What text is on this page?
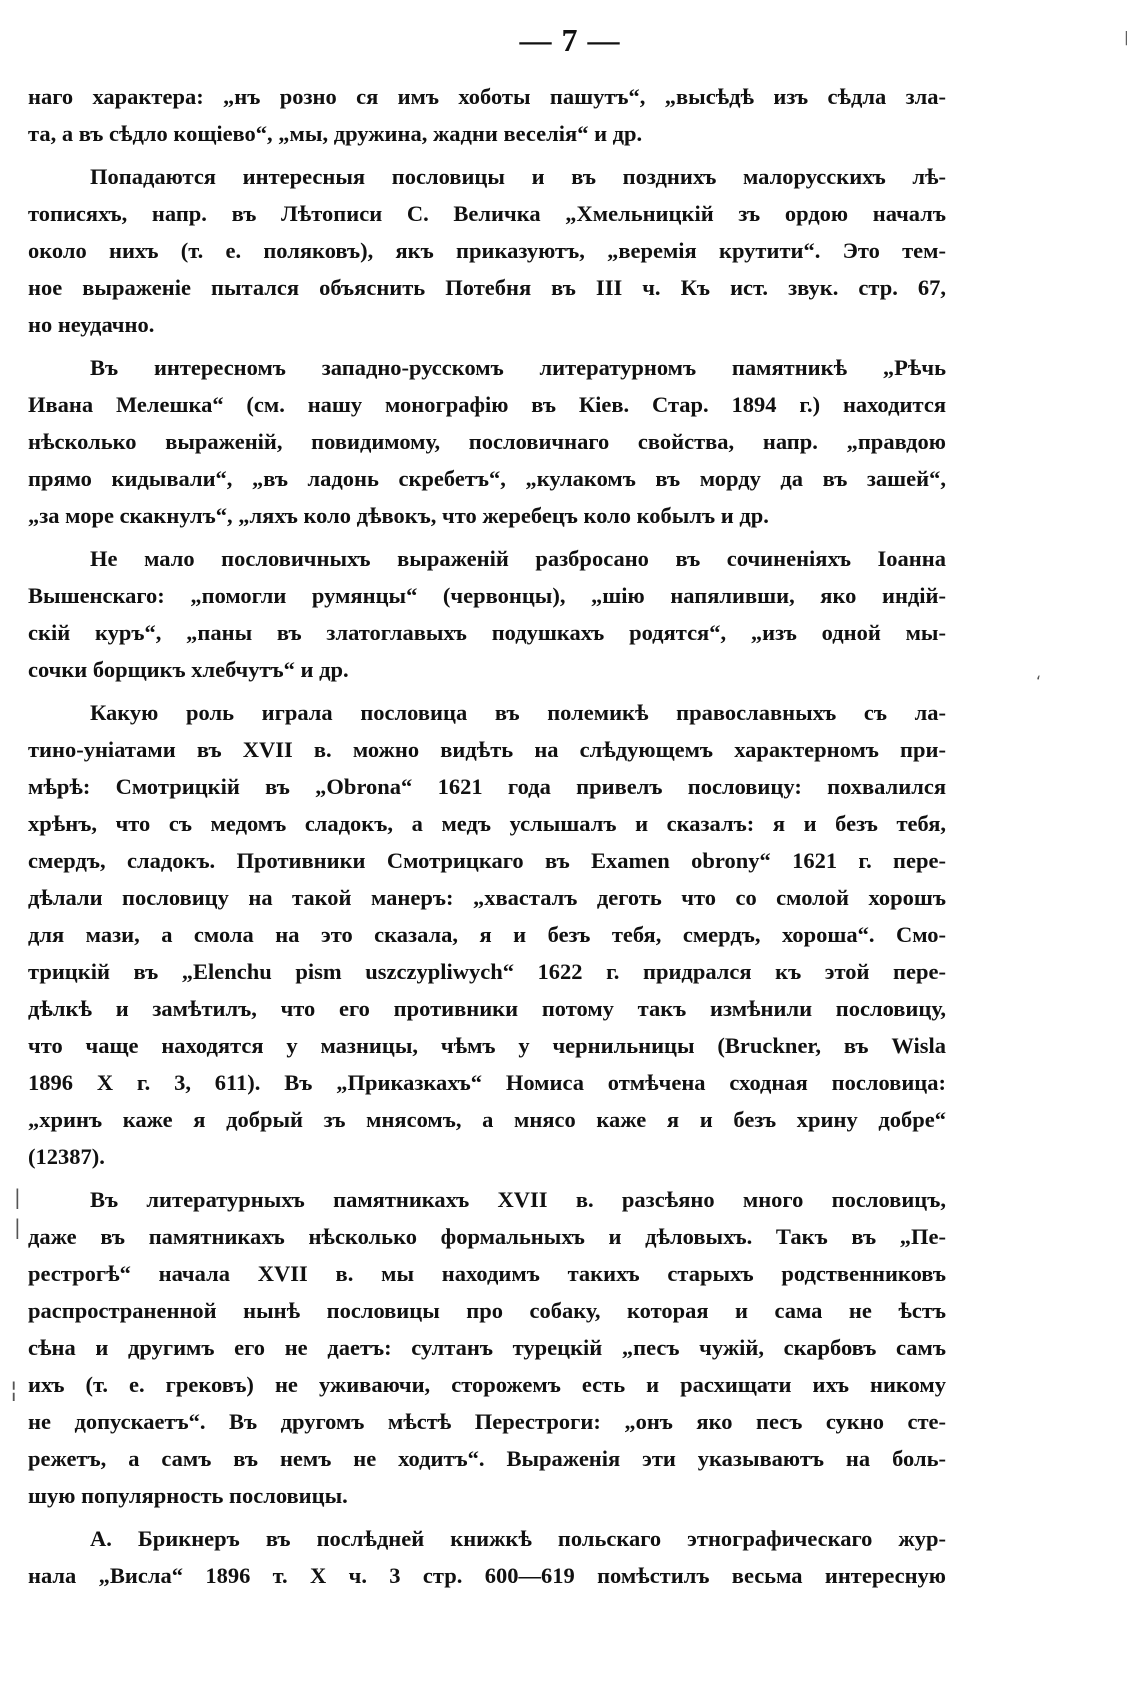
— 7 —	|
‘
|
|
¦

наго характера: „нъ розно ся имъ хоботы пашутъ“, „высѣдѣ изъ сѣдла зла-
та, а въ сѣдло кощіево“, „мы, дружина, жадни веселія“ и др.

Попадаются интересныя пословицы и въ позднихъ малорусскихъ лѣ-
тописяхъ, напр. въ Лѣтописи С. Величка „Хмельницкій зъ ордою началъ
около нихъ (т. е. поляковъ), якъ приказуютъ, „веремія крутити“. Это тем-
ное выраженіе пытался объяснить Потебня въ III ч. Къ ист. звук. стр. 67,
но неудачно.

Въ интересномъ западно-русскомъ литературномъ памятникѣ „Рѣчь
Ивана Мелешка“ (см. нашу монографію въ Кіев. Стар. 1894 г.) находится
нѣсколько выраженій, повидимому, пословичнаго свойства, напр. „правдою
прямо кидывали“, „въ ладонь скребетъ“, „кулакомъ въ морду да въ зашей“,
„за море скакнулъ“, „ляхъ коло дѣвокъ, что жеребецъ коло кобылъ и др.

Не мало пословичныхъ выраженій разбросано въ сочиненіяхъ Іоанна
Вышенскаго: „помогли румянцы“ (червонцы), „шію напяливши, яко индій-
скій куръ“, „паны въ златоглавыхъ подушкахъ родятся“, „изъ одной мы-
сочки борщикъ хлебчутъ“ и др.

Какую роль играла пословица въ полемикѣ православныхъ съ ла-
тино-уніатами въ XVII в. можно видѣть на слѣдующемъ характерномъ при-
мѣрѣ: Смотрицкій въ „Obrona“ 1621 года привелъ пословицу: похвалился
хрѣнъ, что съ медомъ сладокъ, а медъ услышалъ и сказалъ: я и безъ тебя,
смердъ, сладокъ. Противники Смотрицкаго въ Examen obrony“ 1621 г. пере-
дѣлали пословицу на такой манеръ: „хвасталъ деготь что со смолой хорошъ
для мази, а смола на это сказала, я и безъ тебя, смердъ, хороша“. Смо-
трицкій въ „Elenchu pism uszczypliwych“ 1622 г. придрался къ этой пере-
дѣлкѣ и замѣтилъ, что его противники потому такъ измѣнили пословицу,
что чаще находятся у мазницы, чѣмъ у чернильницы (Bruckner, въ Wisla
1896 X г. 3, 611). Въ „Приказкахъ“ Номиса отмѣчена сходная пословица:
„хринъ каже я добрый зъ мнясомъ, а мнясо каже я и безъ хрину добре“
(12387).

Въ литературныхъ памятникахъ XVII в. разсѣяно много пословицъ,
даже въ памятникахъ нѣсколько формальныхъ и дѣловыхъ. Такъ въ „Пе-
рестрогѣ“ начала XVII в. мы находимъ такихъ старыхъ родственниковъ
распространенной нынѣ пословицы про собаку, которая и сама не ѣстъ
сѣна и другимъ его не даетъ: султанъ турецкій „песъ чужій, скарбовъ самъ
ихъ (т. е. грековъ) не уживаючи, сторожемъ есть и расхищати ихъ никому
не допускаетъ“. Въ другомъ мѣстѣ Перестроги: „онъ яко песъ сукно сте-
режетъ, а самъ въ немъ не ходитъ“. Выраженія эти указываютъ на боль-
шую популярность пословицы.

А. Брикнеръ въ послѣдней книжкѣ польскаго этнографическаго жур-
нала „Висла“ 1896 т. X ч. 3 стр. 600—619 помѣстилъ весьма интересную
